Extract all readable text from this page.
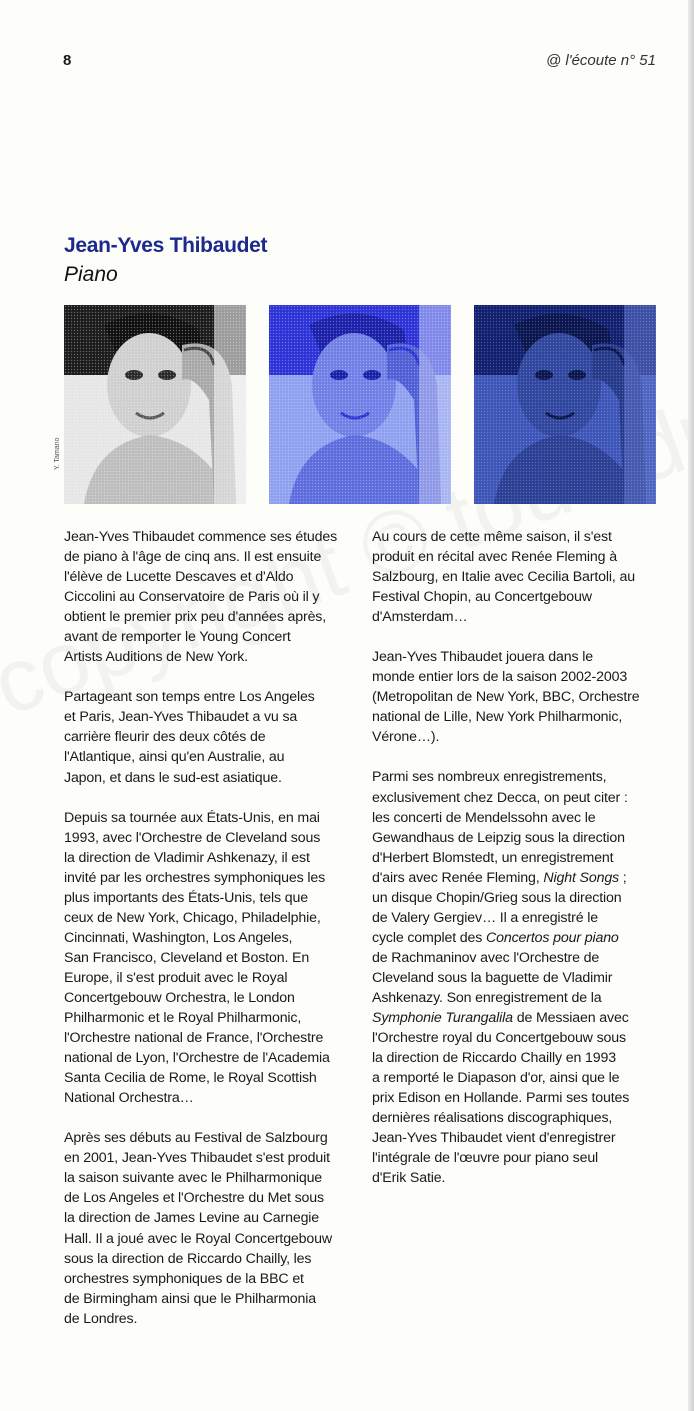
8	@ l'écoute n° 51
Jean-Yves Thibaudet
Piano
Y. Tamano

Jean-Yves Thibaudet commence ses études
de piano à l'âge de cinq ans. Il est ensuite
l'élève de Lucette Descaves et d'Aldo
Ciccolini au Conservatoire de Paris où il y
obtient le premier prix peu d'années après,
avant de remporter le Young Concert
Artists Auditions de New York.

Partageant son temps entre Los Angeles
et Paris, Jean-Yves Thibaudet a vu sa
carrière fleurir des deux côtés de
l'Atlantique, ainsi qu'en Australie, au
Japon, et dans le sud-est asiatique.

Depuis sa tournée aux États-Unis, en mai
1993, avec l'Orchestre de Cleveland sous
la direction de Vladimir Ashkenazy, il est
invité par les orchestres symphoniques les
plus importants des États-Unis, tels que
ceux de New York, Chicago, Philadelphie,
Cincinnati, Washington, Los Angeles,
San Francisco, Cleveland et Boston. En
Europe, il s'est produit avec le Royal
Concertgebouw Orchestra, le London
Philharmonic et le Royal Philharmonic,
l'Orchestre national de France, l'Orchestre
national de Lyon, l'Orchestre de l'Academia
Santa Cecilia de Rome, le Royal Scottish
National Orchestra…

Après ses débuts au Festival de Salzbourg
en 2001, Jean-Yves Thibaudet s'est produit
la saison suivante avec le Philharmonique
de Los Angeles et l'Orchestre du Met sous
la direction de James Levine au Carnegie
Hall. Il a joué avec le Royal Concertgebouw
sous la direction de Riccardo Chailly, les
orchestres symphoniques de la BBC et
de Birmingham ainsi que le Philharmonia
de Londres.

Au cours de cette même saison, il s'est
produit en récital avec Renée Fleming à
Salzbourg, en Italie avec Cecilia Bartoli, au
Festival Chopin, au Concertgebouw
d'Amsterdam…

Jean-Yves Thibaudet jouera dans le
monde entier lors de la saison 2002-2003
(Metropolitan de New York, BBC, Orchestre
national de Lille, New York Philharmonic,
Vérone…).

Parmi ses nombreux enregistrements,
exclusivement chez Decca, on peut citer :
les concerti de Mendelssohn avec le
Gewandhaus de Leipzig sous la direction
d'Herbert Blomstedt, un enregistrement
d'airs avec Renée Fleming, Night Songs ;
un disque Chopin/Grieg sous la direction
de Valery Gergiev… Il a enregistré le
cycle complet des Concertos pour piano
de Rachmaninov avec l'Orchestre de
Cleveland sous la baguette de Vladimir
Ashkenazy. Son enregistrement de la
Symphonie Turangalila de Messiaen avec
l'Orchestre royal du Concertgebouw sous
la direction de Riccardo Chailly en 1993
a remporté le Diapason d'or, ainsi que le
prix Edison en Hollande. Parmi ses toutes
dernières réalisations discographiques,
Jean-Yves Thibaudet vient d'enregistrer
l'intégrale de l'œuvre pour piano seul
d'Erik Satie.
